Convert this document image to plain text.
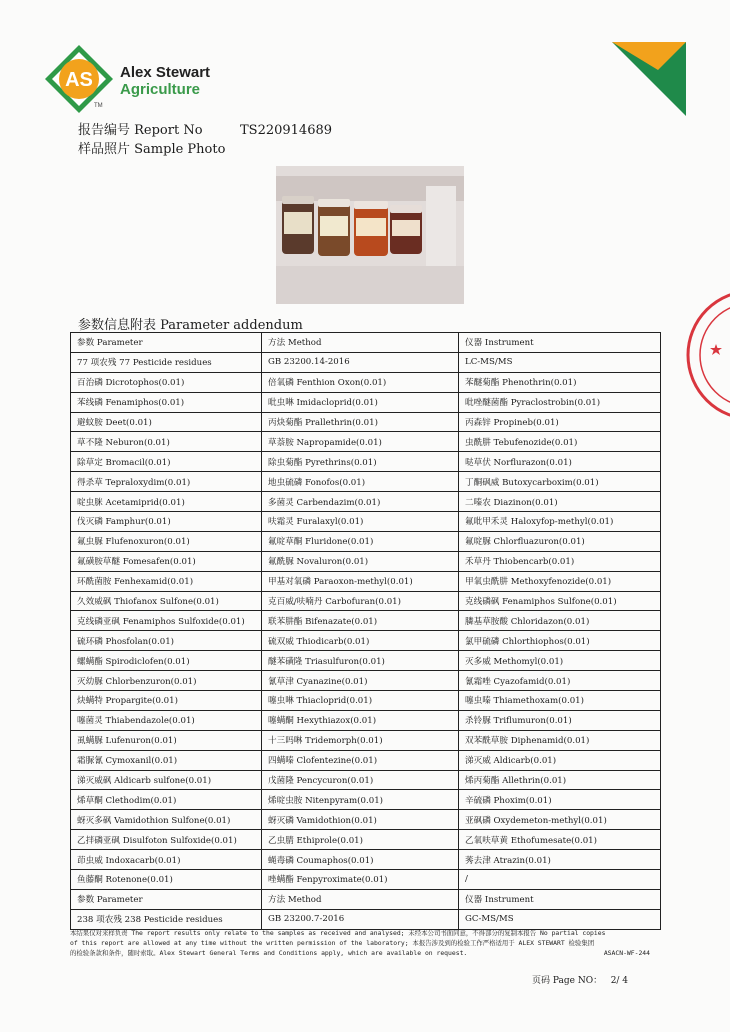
AS Alex Stewart
Agriculture
TM
报告编号 Report No	TS220914689
样品照片 Sample Photo
参数信息附表 Parameter addendum
参数 Parameter	方法 Method	仪器 Instrument
77 项农残 77 Pesticide residues	GB 23200.14-2016	LC-MS/MS
百治磷 Dicrotophos(0.01)	倍氧磷 Fenthion Oxon(0.01)	苯醚菊酯 Phenothrin(0.01)
苯线磷 Fenamiphos(0.01)	吡虫啉 Imidacloprid(0.01)	吡唑醚菌酯 Pyraclostrobin(0.01)
避蚊胺 Deet(0.01)	丙炔菊酯 Prallethrin(0.01)	丙森锌 Propineb(0.01)
草不隆 Neburon(0.01)	草萘胺 Napropamide(0.01)	虫酰肼 Tebufenozide(0.01)
除草定 Bromacil(0.01)	除虫菊酯 Pyrethrins(0.01)	哒草伏 Norflurazon(0.01)
得杀草 Tepraloxydim(0.01)	地虫硫磷 Fonofos(0.01)	丁酮砜威 Butoxycarboxim(0.01)
啶虫脒 Acetamiprid(0.01)	多菌灵 Carbendazim(0.01)	二嗪农 Diazinon(0.01)
伐灭磷 Famphur(0.01)	呋霜灵 Furalaxyl(0.01)	氟吡甲禾灵 Haloxyfop-methyl(0.01)
氟虫脲 Flufenoxuron(0.01)	氟啶草酮 Fluridone(0.01)	氟啶脲 Chlorfluazuron(0.01)
氟磺胺草醚 Fomesafen(0.01)	氟酰脲 Novaluron(0.01)	禾草丹 Thiobencarb(0.01)
环酰菌胺 Fenhexamid(0.01)	甲基对氧磷 Paraoxon-methyl(0.01)	甲氧虫酰肼 Methoxyfenozide(0.01)
久效威砜 Thiofanox Sulfone(0.01)	克百威/呋喃丹 Carbofuran(0.01)	克线磷砜 Fenamiphos Sulfone(0.01)
克线磷亚砜 Fenamiphos Sulfoxide(0.01)	联苯肼酯 Bifenazate(0.01)	膦基草胺酸 Chloridazon(0.01)
硫环磷 Phosfolan(0.01)	硫双威 Thiodicarb(0.01)	氯甲硫磷 Chlorthiophos(0.01)
螺螨酯 Spirodiclofen(0.01)	醚苯磺隆 Triasulfuron(0.01)	灭多威 Methomyl(0.01)
灭幼脲 Chlorbenzuron(0.01)	氰草津 Cyanazine(0.01)	氰霜唑 Cyazofamid(0.01)
炔螨特 Propargite(0.01)	噻虫啉 Thiacloprid(0.01)	噻虫嗪 Thiamethoxam(0.01)
噻菌灵 Thiabendazole(0.01)	噻螨酮 Hexythiazox(0.01)	杀铃脲 Triflumuron(0.01)
虱螨脲 Lufenuron(0.01)	十三吗啉 Tridemorph(0.01)	双苯酰草胺 Diphenamid(0.01)
霜脲氰 Cymoxanil(0.01)	四螨嗪 Clofentezine(0.01)	涕灭威 Aldicarb(0.01)
涕灭威砜 Aldicarb sulfone(0.01)	戊菌隆 Pencycuron(0.01)	烯丙菊酯 Allethrin(0.01)
烯草酮 Clethodim(0.01)	烯啶虫胺 Nitenpyram(0.01)	辛硫磷 Phoxim(0.01)
蚜灭多砜 Vamidothion Sulfone(0.01)	蚜灭磷 Vamidothion(0.01)	亚砜磷 Oxydemeton-methyl(0.01)
乙拌磷亚砜 Disulfoton Sulfoxide(0.01)	乙虫腈 Ethiprole(0.01)	乙氧呋草黄 Ethofumesate(0.01)
茚虫威 Indoxacarb(0.01)	蝇毒磷 Coumaphos(0.01)	莠去津 Atrazin(0.01)
鱼藤酮 Rotenone(0.01)	唑螨酯 Fenpyroximate(0.01)	/
参数 Parameter	方法 Method	仪器 Instrument
238 项农残 238 Pesticide residues	GB 23200.7-2016	GC-MS/MS
本结果仅对来样负责 The report results only relate to the samples as received and analysed; 未经本公司书面同意，不得部分的复制本报告 No partial copies
of this report are allowed at any time without the written permission of the laboratory; 本报告涉及到的检验工作严格适用于 ALEX STEWART 检验集团
的检验条款和条件，随时索取。Alex Stewart General Terms and Conditions apply, which are available on request.	ASACN-WF-244
页码 Page NO： 2/ 4
